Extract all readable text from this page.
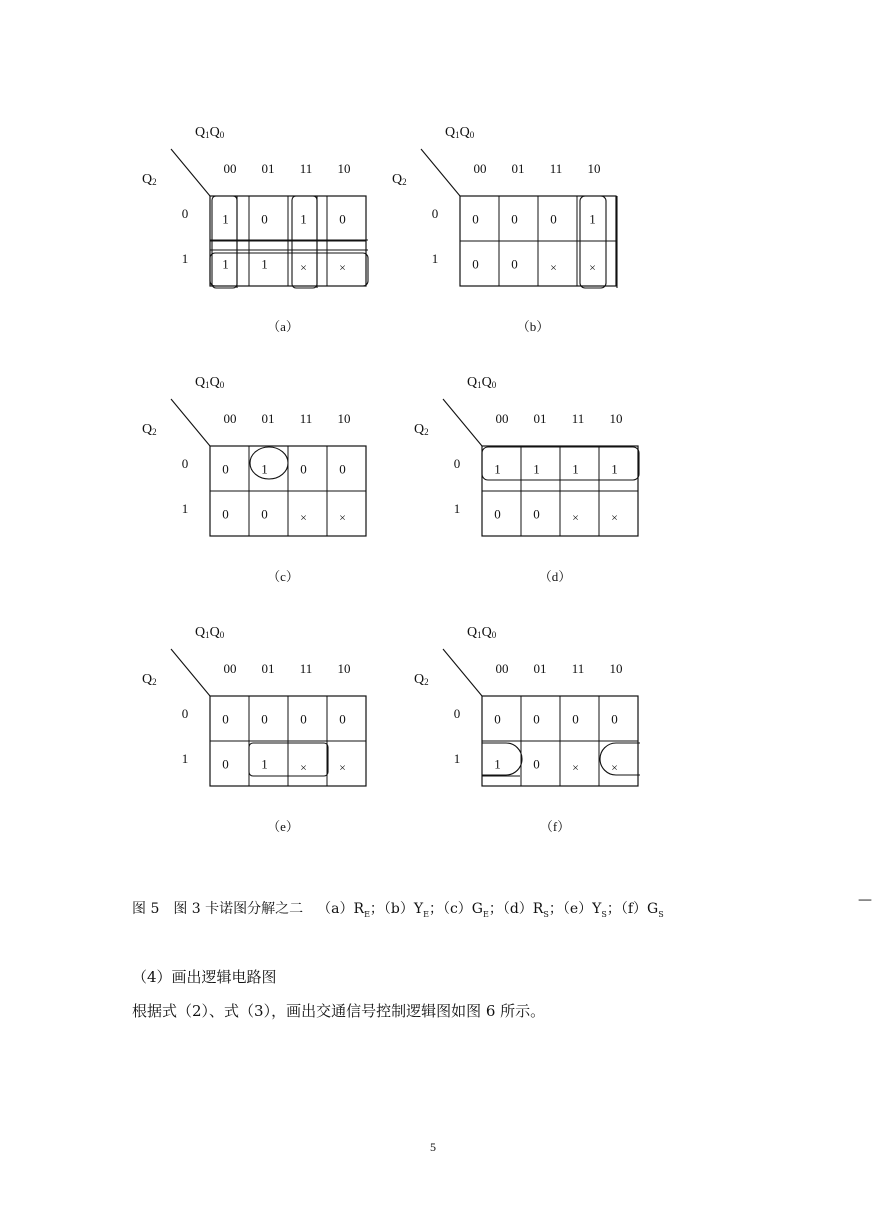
Q1Q0
Q2
00 01 11 10
0
1
1	0	1	0
1	1	×	×
（a）
Q1Q0
Q2
00 01 11 10
0
1
0	0	0	1
0	0	×	×
（b）
Q1Q0
Q2
00 01 11 10
0
1
0	1	0	0
0	0	×	×
（c）
Q1Q0
Q2
00 01 11 10
0
1
1	1	1	1
0	0	×	×
（d）
Q1Q0
Q2
00 01 11 10
0
1
0	0	0	0
0	1	×	×
（e）
Q1Q0
Q2
00 01 11 10
0
1
0	0	0	0
1	0	×	×
（f）
图 5 图 3 卡诺图分解之二 $(a)R_E$；$(b)Y_E$；$(c)G_E$；$(d)R_S$；$(e)Y_S$；$(f)G_S$
—
（4）画出逻辑电路图
根据式（2）、式（3），画出交通信号控制逻辑图如图 6 所示。
5
